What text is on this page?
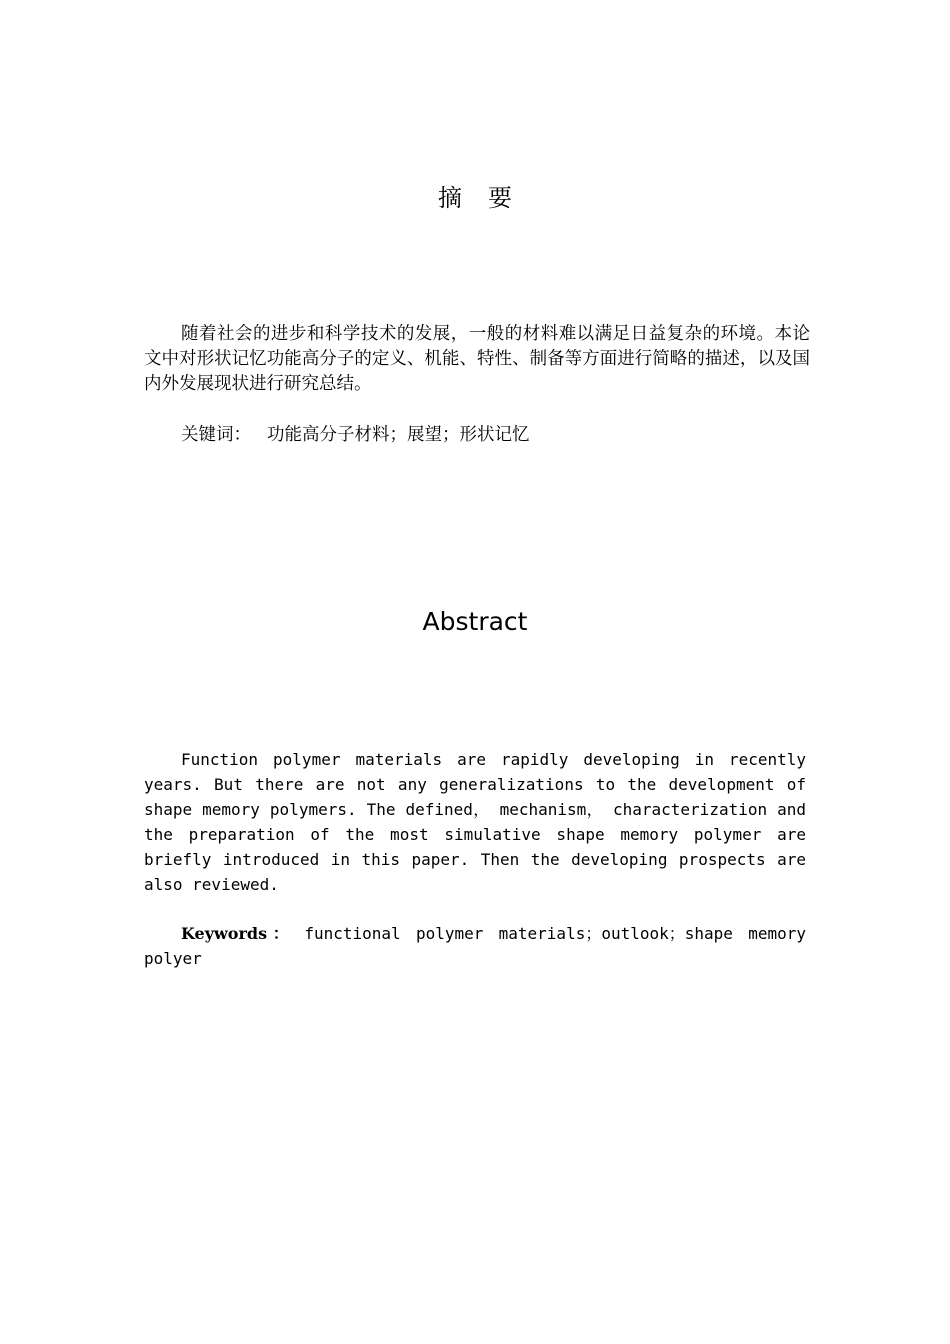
摘要

随着社会的进步和科学技术的发展，一般的材料难以满足日益复杂的环境。本论文中对形状记忆功能高分子的定义、机能、特性、制备等方面进行简略的描述，以及国内外发展现状进行研究总结。

关键词： 功能高分子材料；展望；形状记忆

Abstract

Function polymer materials are rapidly developing in recently years. But there are not any generalizations to the development of shape memory polymers. The defined， mechanism， characterization and the preparation of the most simulative shape memory polymer are briefly introduced in this paper. Then the developing prospects are also reviewed.

Keywords： functional polymer materials；outlook；shape memory polyer
